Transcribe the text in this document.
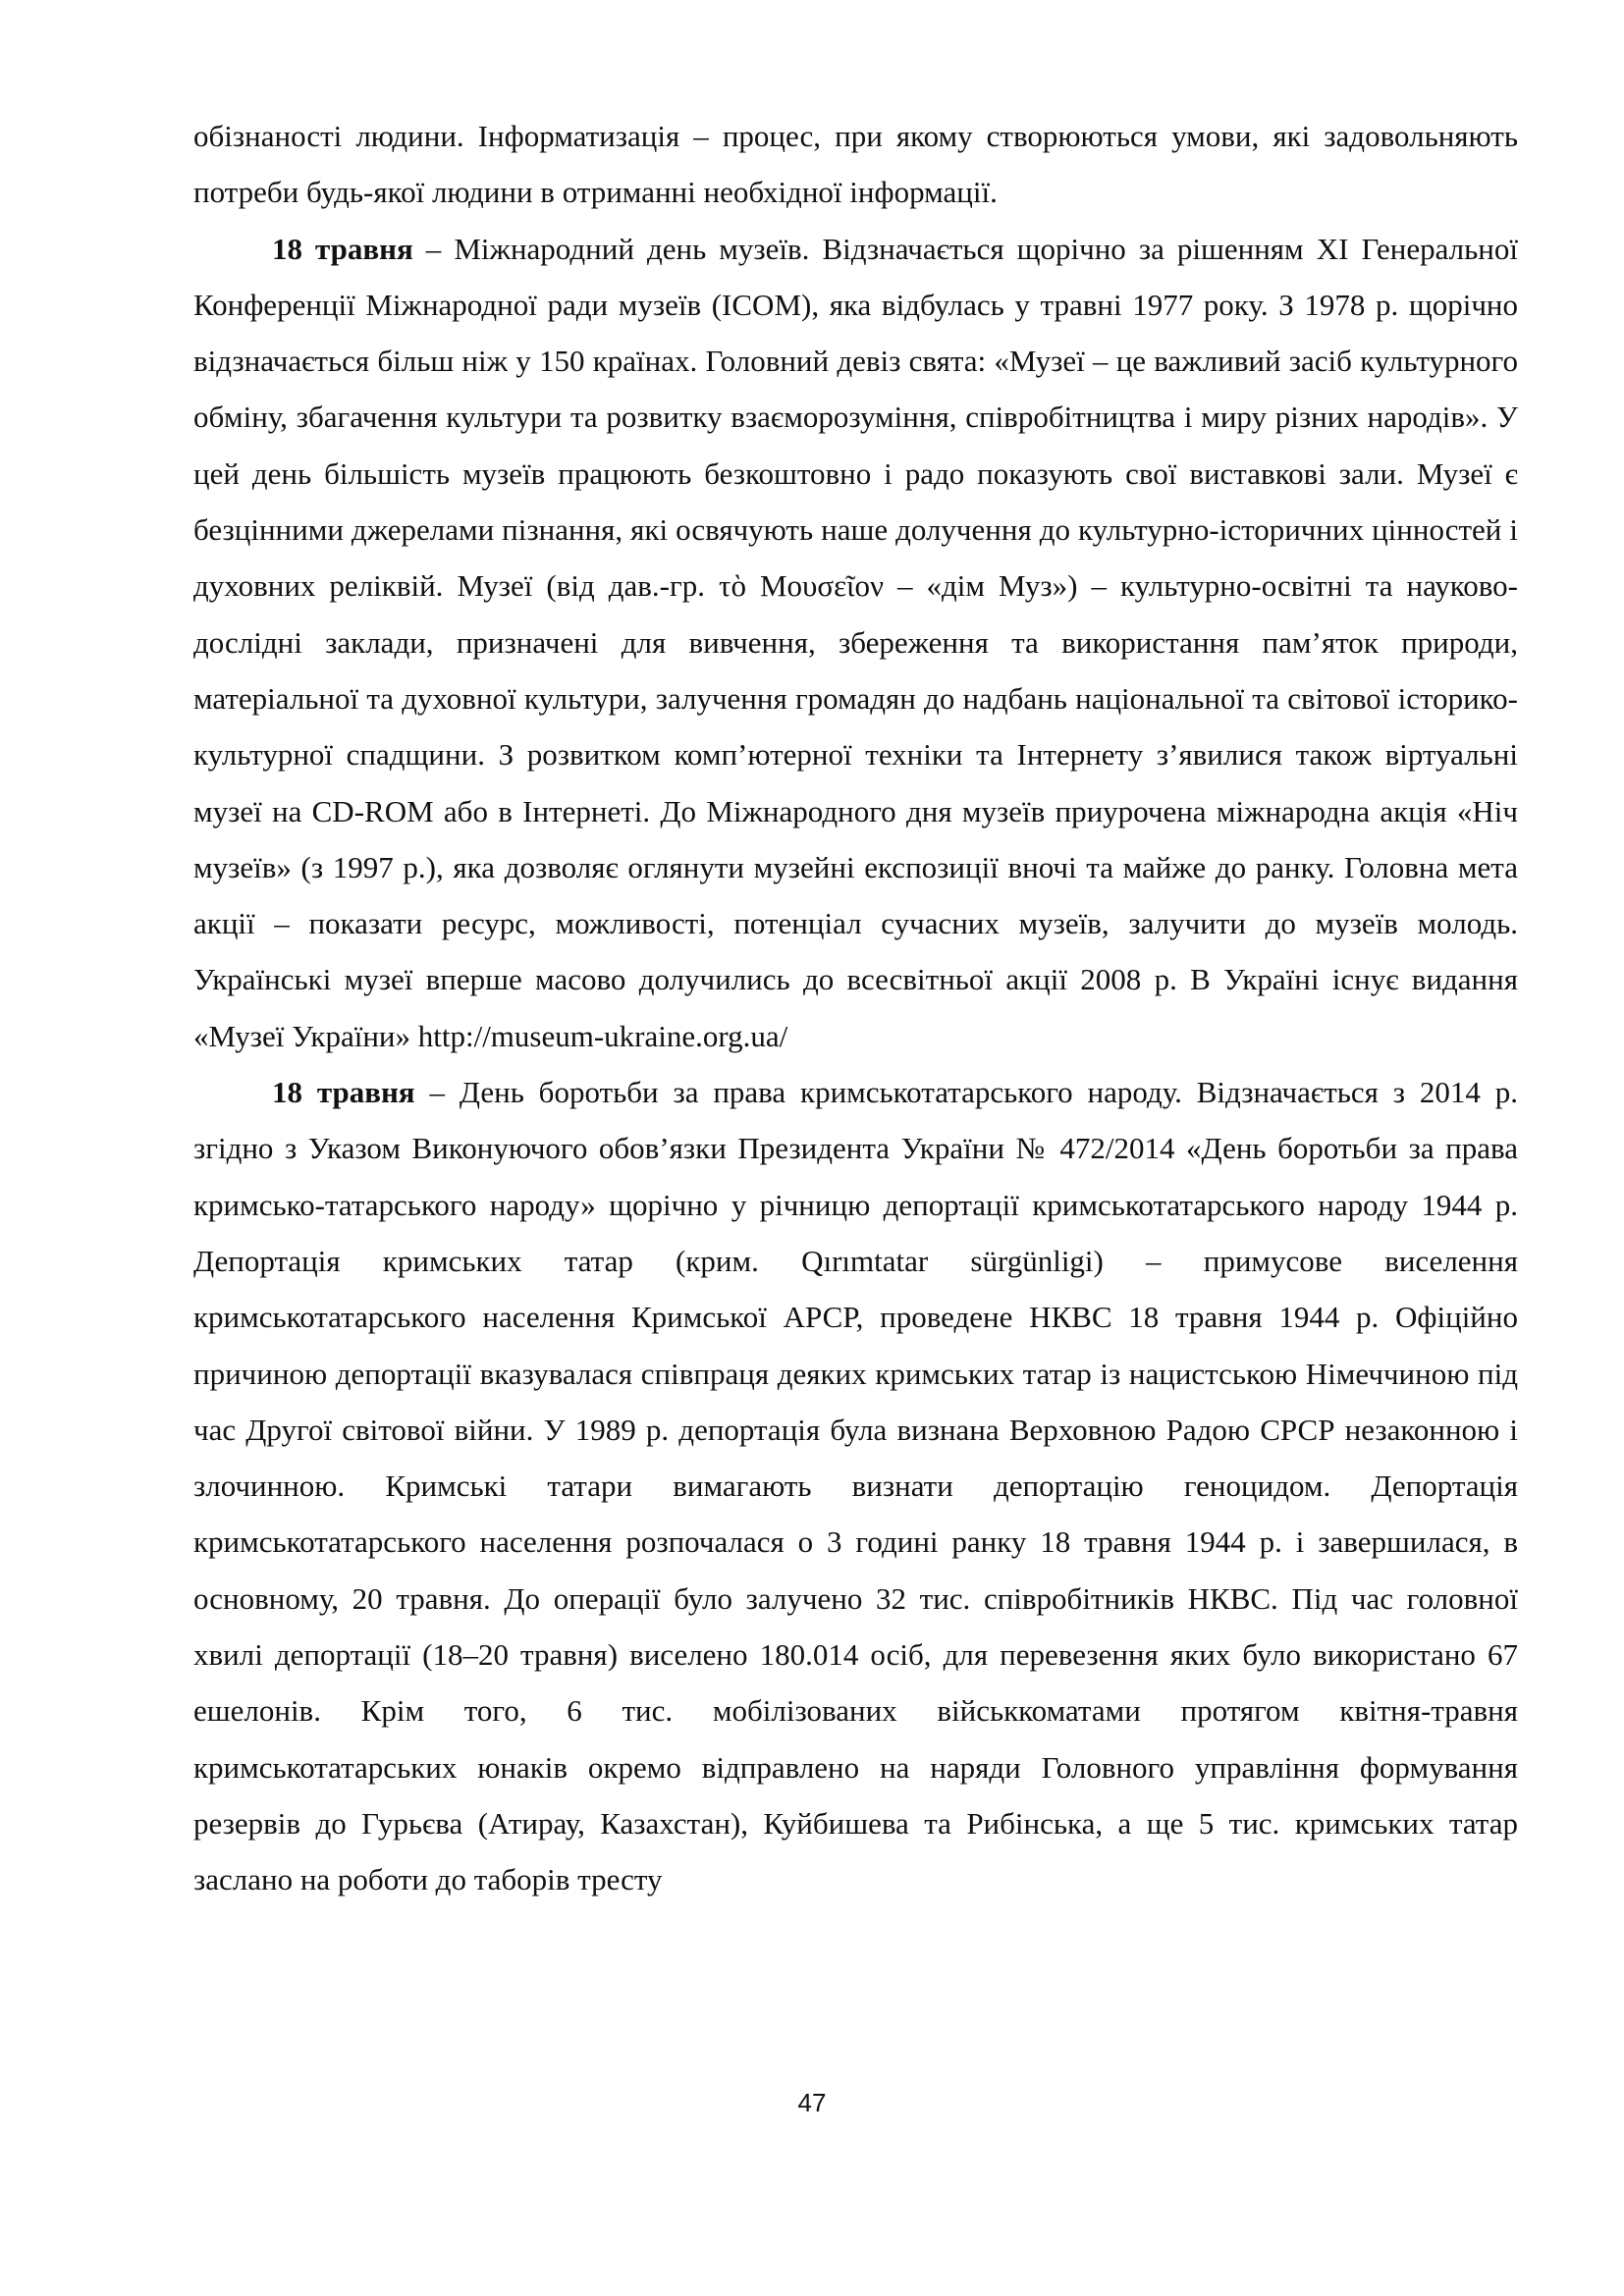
обізнаності людини. Інформатизація – процес, при якому створюються умови, які задовольняють потреби будь-якої людини в отриманні необхідної інформації.

18 травня – Міжнародний день музеїв. Відзначається щорічно за рішенням XI Генеральної Конференції Міжнародної ради музеїв (ICOM), яка відбулась у травні 1977 року. З 1978 р. щорічно відзначається більш ніж у 150 країнах. Головний девіз свята: «Музеї – це важливий засіб культурного обміну, збагачення культури та розвитку взаєморозуміння, співробітництва і миру різних народів». У цей день більшість музеїв працюють безкоштовно і радо показують свої виставкові зали. Музеї є безцінними джерелами пізнання, які освячують наше долучення до культурно-історичних цінностей і духовних реліквій. Музеї (від дав.-гр. τὸ Μουσεῖον – «дім Муз») – культурно-освітні та науково-дослідні заклади, призначені для вивчення, збереження та використання пам’яток природи, матеріальної та духовної культури, залучення громадян до надбань національної та світової історико-культурної спадщини. З розвитком комп’ютерної техніки та Інтернету з’явилися також віртуальні музеї на CD-ROM або в Інтернеті. До Міжнародного дня музеїв приурочена міжнародна акція «Ніч музеїв» (з 1997 р.), яка дозволяє оглянути музейні експозиції вночі та майже до ранку. Головна мета акції – показати ресурс, можливості, потенціал сучасних музеїв, залучити до музеїв молодь. Українські музеї вперше масово долучились до всесвітньої акції 2008 р. В Україні існує видання «Музеї України» http://museum-ukraine.org.ua/

18 травня – День боротьби за права кримськотатарського народу. Відзначається з 2014 р. згідно з Указом Виконуючого обов’язки Президента України № 472/2014 «День боротьби за права кримсько-татарського народу» щорічно у річницю депортації кримськотатарського народу 1944 р. Депортація кримських татар (крим. Qırımtatar sürgünligi) – примусове виселення кримськотатарського населення Кримської АРСР, проведене НКВС 18 травня 1944 р. Офіційно причиною депортації вказувалася співпраця деяких кримських татар із нацистською Німеччиною під час Другої світової війни. У 1989 р. депортація була визнана Верховною Радою СРСР незаконною і злочинною. Кримські татари вимагають визнати депортацію геноцидом. Депортація кримськотатарського населення розпочалася о 3 годині ранку 18 травня 1944 р. і завершилася, в основному, 20 травня. До операції було залучено 32 тис. співробітників НКВС. Під час головної хвилі депортації (18–20 травня) виселено 180.014 осіб, для перевезення яких було використано 67 ешелонів. Крім того, 6 тис. мобілізованих військкоматами протягом квітня-травня кримськотатарських юнаків окремо відправлено на наряди Головного управління формування резервів до Гурьєва (Атирау, Казахстан), Куйбишева та Рибінська, а ще 5 тис. кримських татар заслано на роботи до таборів тресту

47
